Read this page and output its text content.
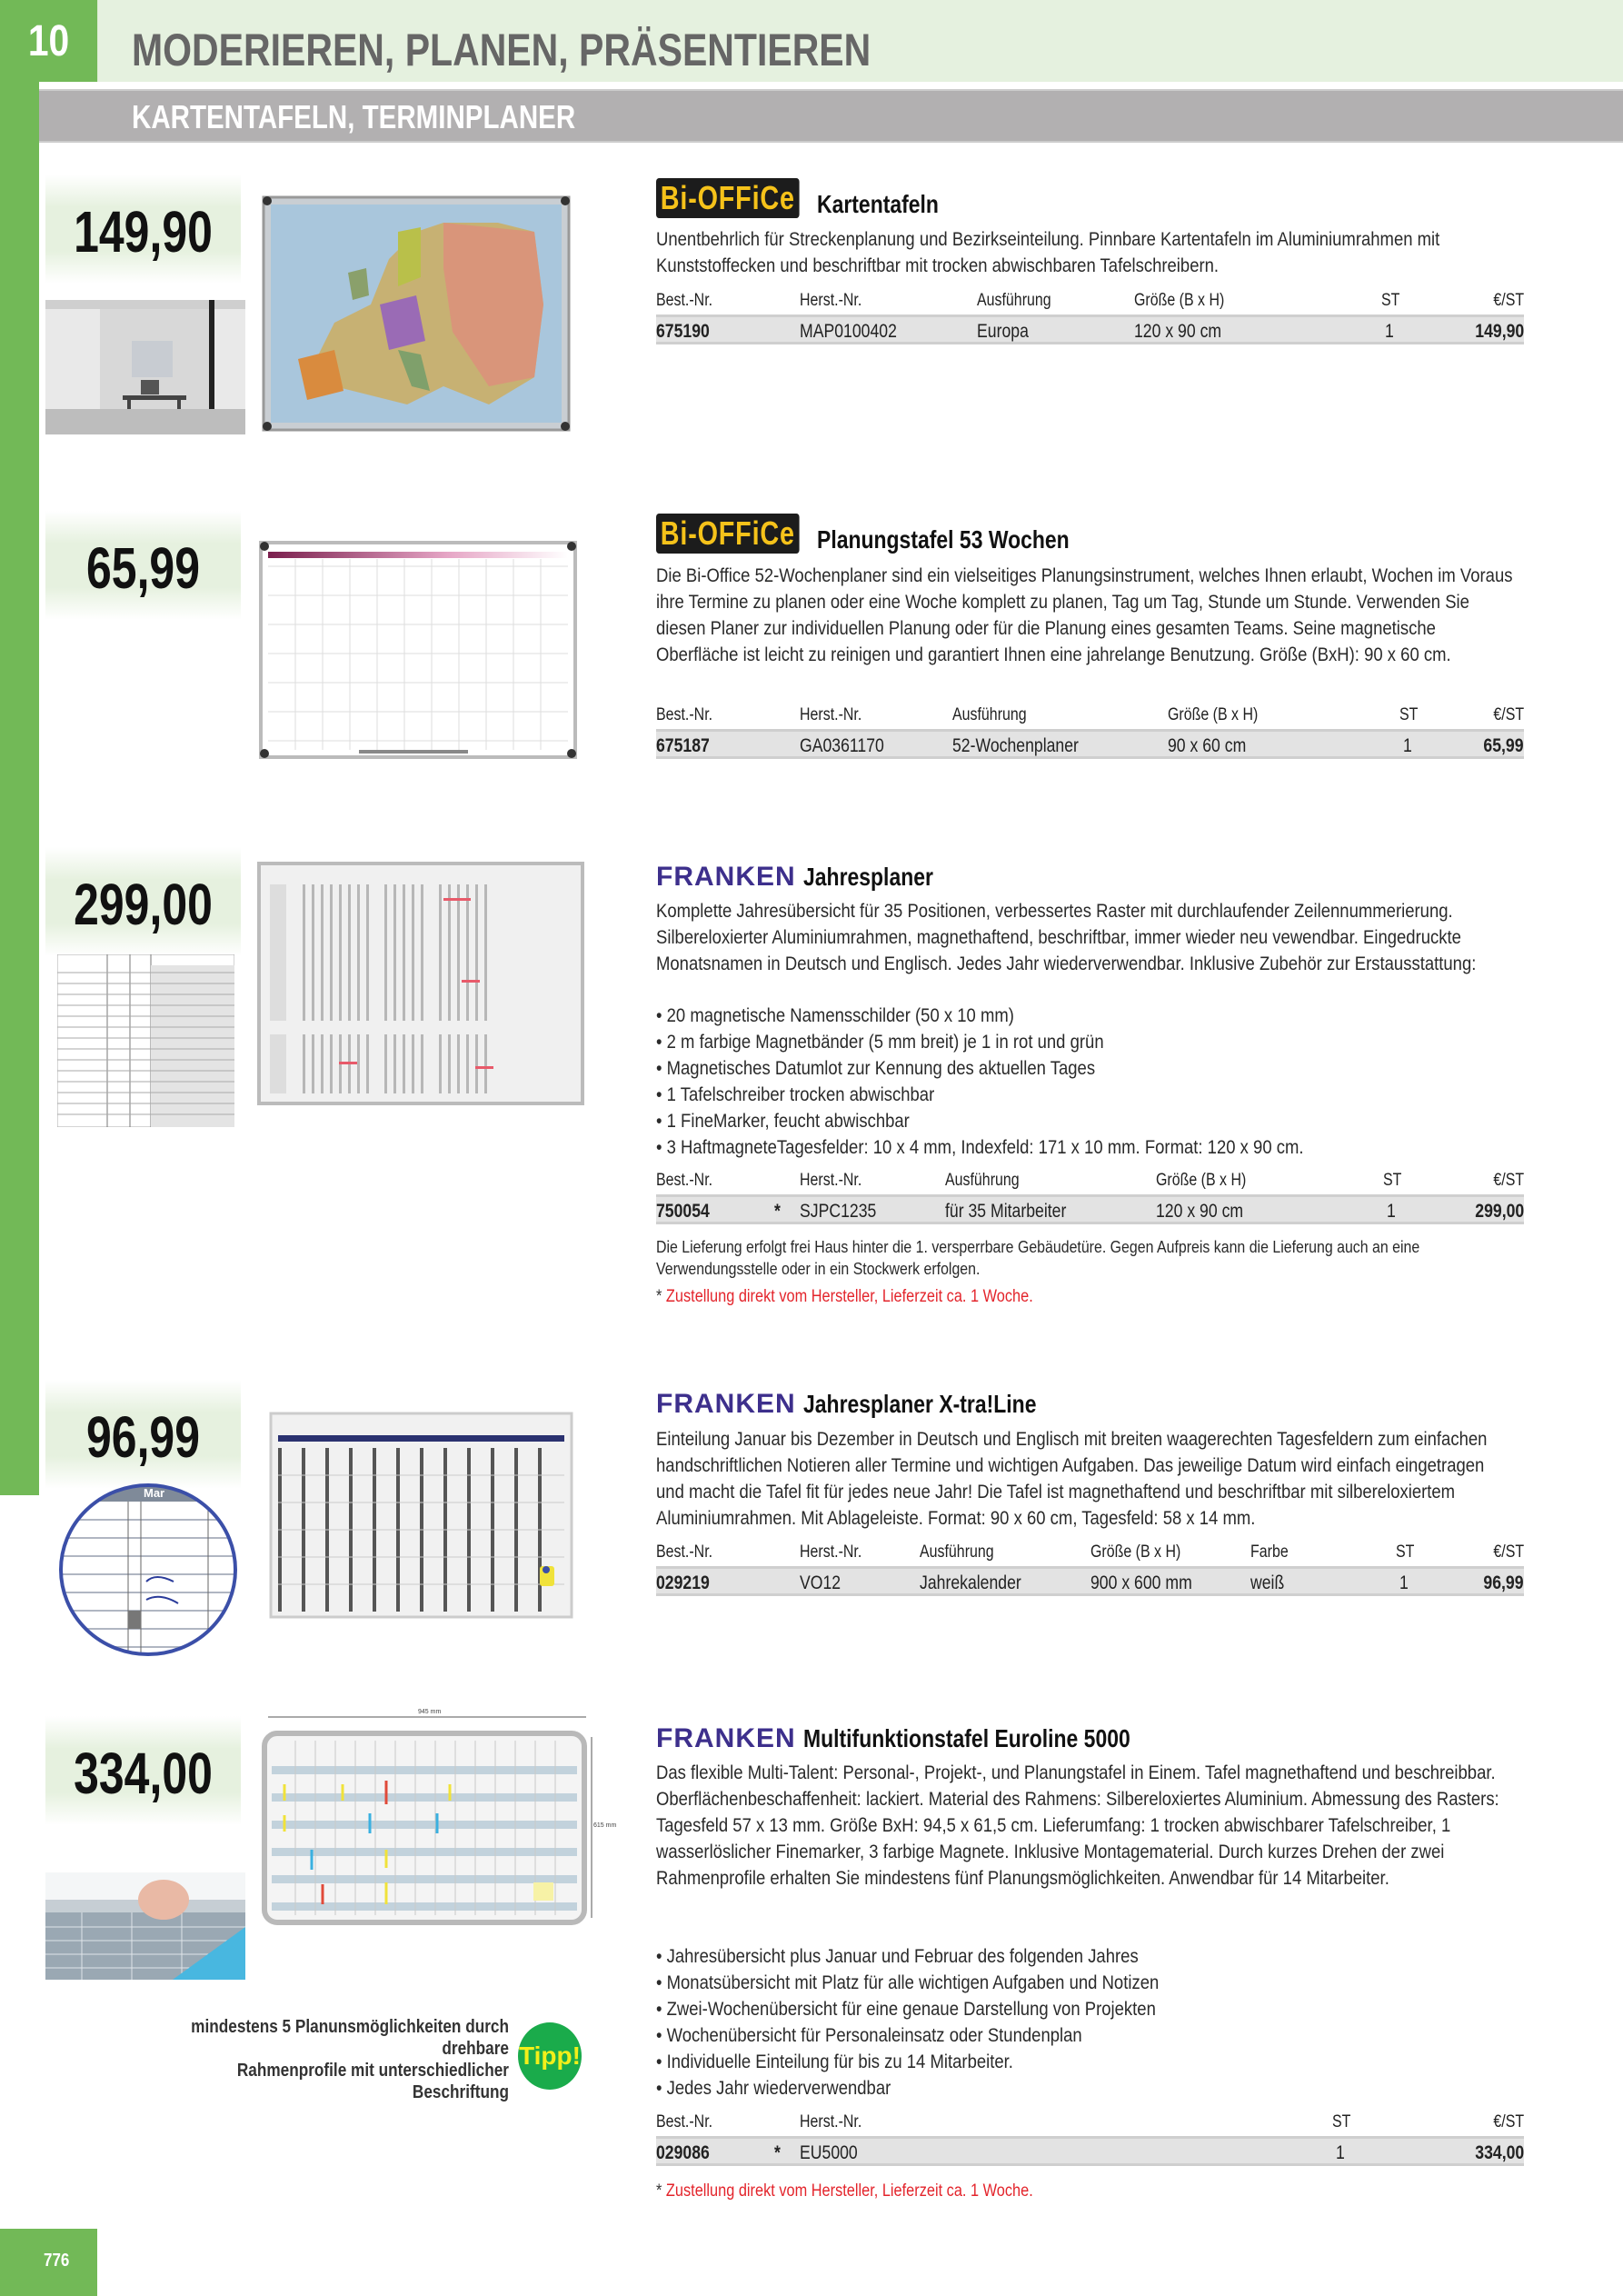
10 MODERIEREN, PLANEN, PRÄSENTIEREN
KARTENTAFELN, TERMINPLANER
149,90
Bi-OFFiCe Kartentafeln
Unentbehrlich für Streckenplanung und Bezirkseinteilung. Pinnbare Kartentafeln im Aluminiumrahmen mit Kunststoffecken und beschriftbar mit trocken abwischbaren Tafelschreibern.
Best.-Nr.	Herst.-Nr.	Ausführung	Größe (B x H)	ST	€/ST
675190	MAP0100402	Europa	120 x 90 cm	1	149,90
65,99
Bi-OFFiCe Planungstafel 53 Wochen
Die Bi-Office 52-Wochenplaner sind ein vielseitiges Planungsinstrument, welches Ihnen erlaubt, Wochen im Voraus ihre Termine zu planen oder eine Woche komplett zu planen, Tag um Tag, Stunde um Stunde. Verwenden Sie diesen Planer zur individuellen Planung oder für die Planung eines gesamten Teams. Seine magnetische Oberfläche ist leicht zu reinigen und garantiert Ihnen eine jahrelange Benutzung. Größe (BxH): 90 x 60 cm.
Best.-Nr.	Herst.-Nr.	Ausführung	Größe (B x H)	ST	€/ST
675187	GA0361170	52-Wochenplaner	90 x 60 cm	1	65,99
299,00	FRANKEN Jahresplaner
Komplette Jahresübersicht für 35 Positionen, verbessertes Raster mit durchlaufender Zeilennummerierung. Silbereloxierter Aluminiumrahmen, magnethaftend, beschriftbar, immer wieder neu vewendbar. Eingedruckte Monatsnamen in Deutsch und Englisch. Jedes Jahr wiederverwendbar. Inklusive Zubehör zur Erstausstattung:
• 20 magnetische Namensschilder (50 x 10 mm)
• 2 m farbige Magnetbänder (5 mm breit) je 1 in rot und grün
• Magnetisches Datumlot zur Kennung des aktuellen Tages
• 1 Tafelschreiber trocken abwischbar
• 1 FineMarker, feucht abwischbar
• 3 HaftmagneteTagesfelder: 10 x 4 mm, Indexfeld: 171 x 10 mm. Format: 120 x 90 cm.
Best.-Nr.	Herst.-Nr.	Ausführung	Größe (B x H)	ST	€/ST
750054	* SJPC1235	für 35 Mitarbeiter	120 x 90 cm	1	299,00
Die Lieferung erfolgt frei Haus hinter die 1. versperrbare Gebäudetüre. Gegen Aufpreis kann die Lieferung auch an eine Verwendungsstelle oder in ein Stockwerk erfolgen.
* Zustellung direkt vom Hersteller, Lieferzeit ca. 1 Woche.
96,99
Mar
FRANKEN Jahresplaner X-tra!Line
Einteilung Januar bis Dezember in Deutsch und Englisch mit breiten waagerechten Tagesfeldern zum einfachen handschriftlichen Notieren aller Termine und wichtigen Aufgaben. Das jeweilige Datum wird einfach eingetragen und macht die Tafel fit für jedes neue Jahr! Die Tafel ist magnethaftend und beschriftbar mit silbereloxiertem Aluminiumrahmen. Mit Ablageleiste. Format: 90 x 60 cm, Tagesfeld: 58 x 14 mm.
Best.-Nr.	Herst.-Nr.	Ausführung	Größe (B x H)	Farbe	ST	€/ST
029219	VO12	Jahrekalender	900 x 600 mm	weiß	1	96,99
334,00
945 mm
615 mm
FRANKEN Multifunktionstafel Euroline 5000
Das flexible Multi-Talent: Personal-, Projekt-, und Planungstafel in Einem. Tafel magnethaftend und beschreibbar. Oberflächenbeschaffenheit: lackiert. Material des Rahmens: Silbereloxiertes Aluminium. Abmessung des Rasters: Tagesfeld 57 x 13 mm. Größe BxH: 94,5 x 61,5 cm. Lieferumfang: 1 trocken abwischbarer Tafelschreiber, 1 wasserlöslicher Finemarker, 3 farbige Magnete. Inklusive Montagematerial. Durch kurzes Drehen der zwei Rahmenprofile erhalten Sie mindestens fünf Planungsmöglichkeiten. Anwendbar für 14 Mitarbeiter.
• Jahresübersicht plus Januar und Februar des folgenden Jahres
• Monatsübersicht mit Platz für alle wichtigen Aufgaben und Notizen
• Zwei-Wochenübersicht für eine genaue Darstellung von Projekten
• Wochenübersicht für Personaleinsatz oder Stundenplan
• Individuelle Einteilung für bis zu 14 Mitarbeiter.
• Jedes Jahr wiederverwendbar
Best.-Nr.	Herst.-Nr.	ST	€/ST
029086	* EU5000	1	334,00
* Zustellung direkt vom Hersteller, Lieferzeit ca. 1 Woche.
mindestens 5 Planunsmöglichkeiten durch drehbare
Rahmenprofile mit unterschiedlicher Beschriftung
Tipp!
776
